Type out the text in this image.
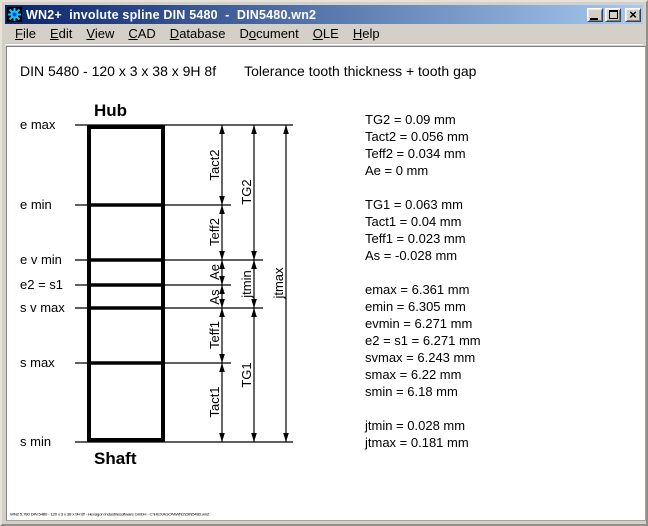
WN2+  involute spline DIN 5480  -  DIN5480.wn2	×
File	Edit	View	CAD	Database	Document	OLE	Help
DIN 5480 - 120 x 3 x 38 x 9H 8f Tolerance tooth thickness + tooth gap
Hub
Shaft
e max
e min
e v min
e2 = s1
s v max
s max
s min
Tact2
Teff2
Ae
As
Teff1
Tact1
TG2
jtmin
TG1
jtmax
TG2 = 0.09 mm
Tact2 = 0.056 mm
Teff2 = 0.034 mm
Ae = 0 mm
TG1 = 0.063 mm
Tact1 = 0.04 mm
Teff1 = 0.023 mm
As = -0.028 mm
emax = 6.361 mm
emin = 6.305 mm
evmin = 6.271 mm
e2 = s1 = 6.271 mm
svmax = 6.243 mm
smax = 6.22 mm
smin = 6.18 mm
jtmin = 0.028 mm
jtmax = 0.181 mm
WN2 5.780 DIN 5480 - 120 x 3 x 38 x 9H 8f - Hexagon Industriesoftware GmbH - C:\HEXAGON\WN2\DIN5480.wn2
